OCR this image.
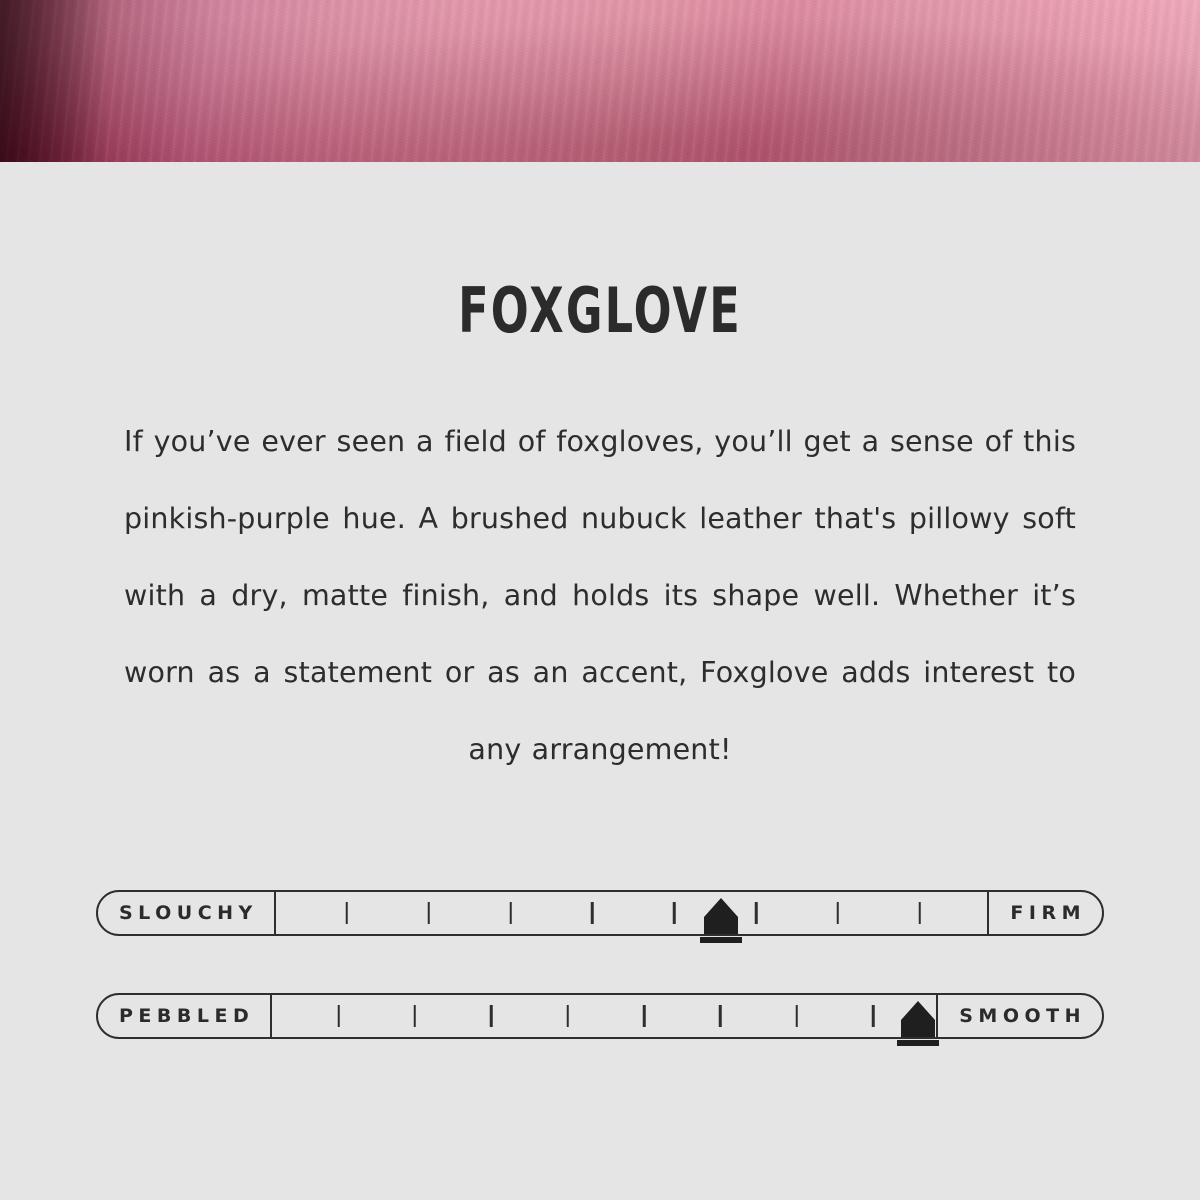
FOXGLOVE

If you’ve ever seen a field of foxgloves, you’ll get a sense of this pinkish-purple hue. A brushed nubuck leather that's pillowy soft with a dry, matte finish, and holds its shape well. Whether it’s worn as a statement or as an accent, Foxglove adds interest to any arrangement!

SLOUCHY	FIRM
PEBBLED	SMOOTH
